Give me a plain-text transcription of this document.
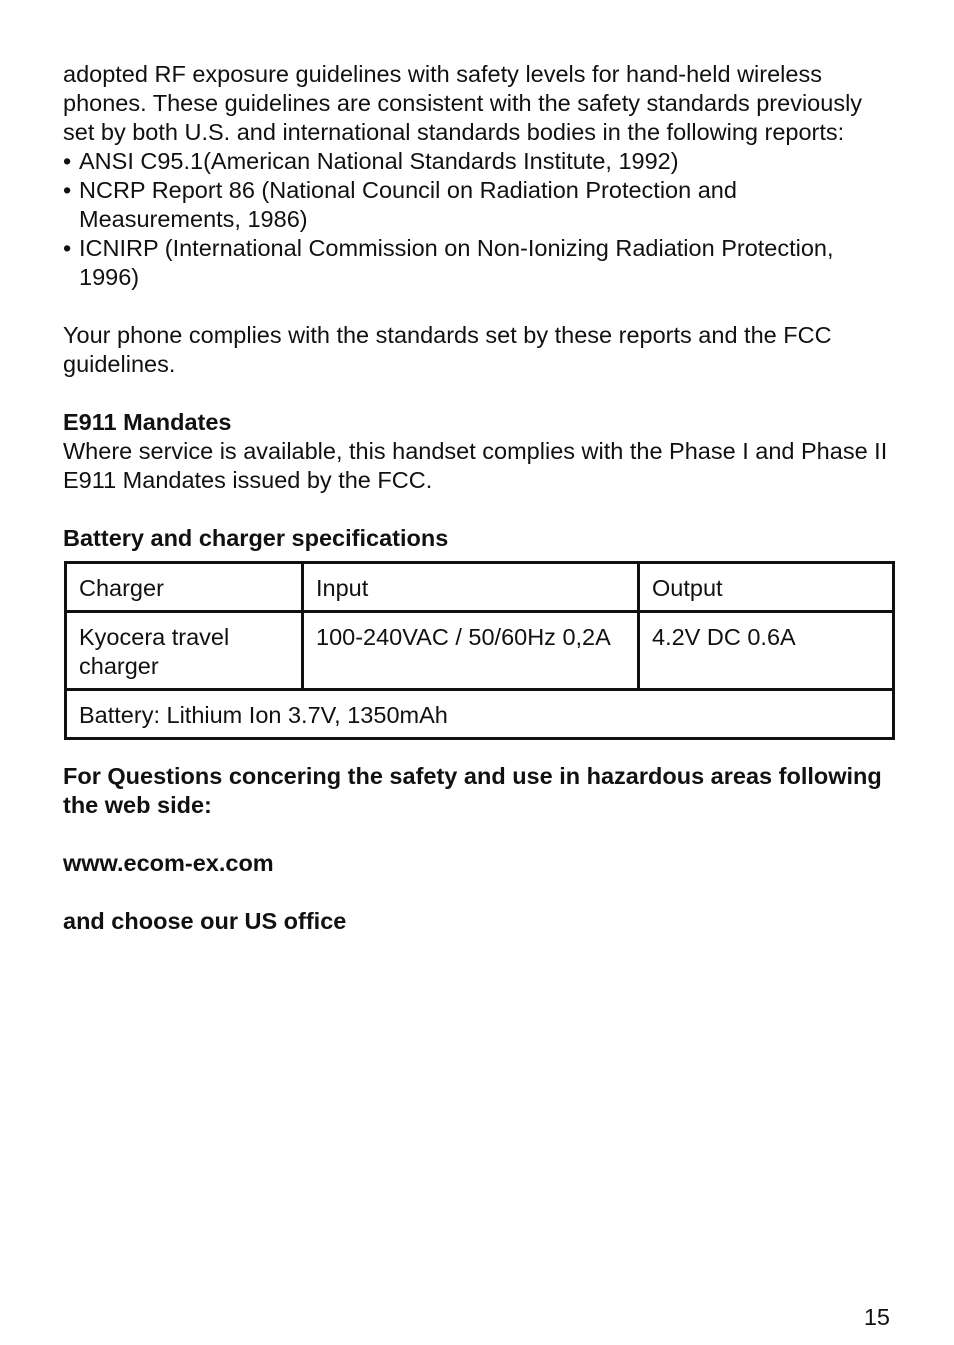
adopted RF exposure guidelines with safety levels for hand-held wireless phones. These guidelines are consistent with the safety standards previously set by both U.S. and international standards bodies in the following reports:

• ANSI C95.1(American National Standards Institute, 1992)
• NCRP Report 86 (National Council on Radiation Protection and Measurements, 1986)
• ICNIRP (International Commission on Non-Ionizing Radiation Protection, 1996)

Your phone complies with the standards set by these reports and the FCC guidelines.

E911 Mandates

Where service is available, this handset complies with the Phase I and Phase II E911 Mandates issued by the FCC.

Battery and charger specifications

Charger	Input	Output
Kyocera travel charger	100-240VAC / 50/60Hz 0,2A	4.2V DC 0.6A
Battery: Lithium Ion 3.7V, 1350mAh		

For Questions concering the safety and use in hazardous areas following the web side:

www.ecom-ex.com

and choose our US office

15
